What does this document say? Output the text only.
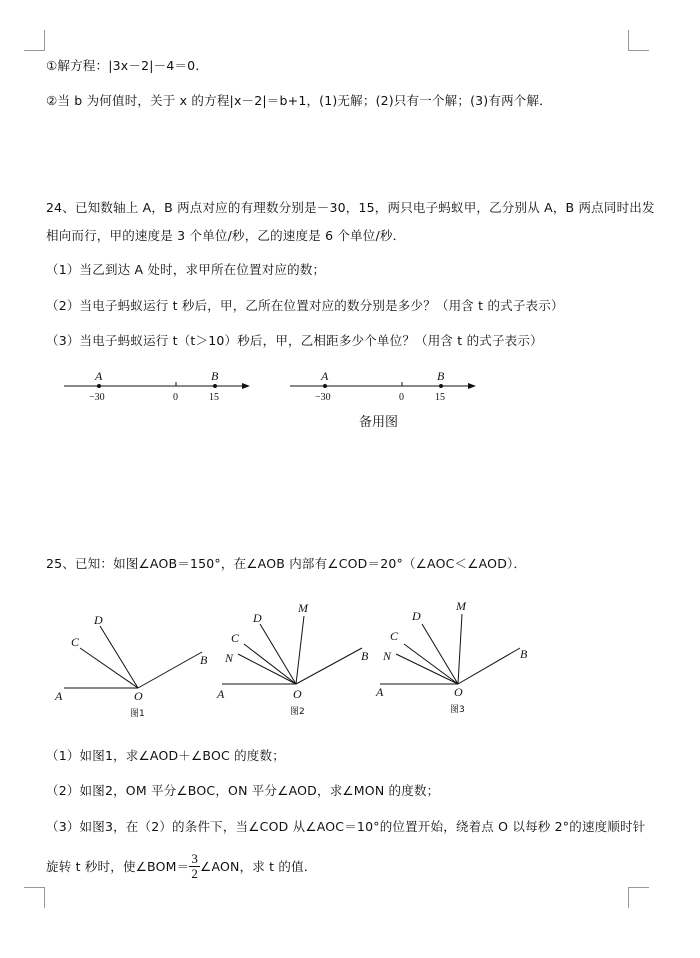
①解方程：|3x－2|－4＝0．
②当 b 为何值时，关于 x 的方程|x－2|＝b+1，(1)无解；(2)只有一个解；(3)有两个解．
24、已知数轴上 A，B 两点对应的有理数分别是－30，15，两只电子蚂蚁甲，乙分别从 A，B 两点同时出发
相向而行，甲的速度是 3 个单位/秒，乙的速度是 6 个单位/秒．
（1）当乙到达 A 处时，求甲所在位置对应的数；
（2）当电子蚂蚁运行 t 秒后，甲，乙所在位置对应的数分别是多少？（用含 t 的式子表示）
（3）当电子蚂蚁运行 t（t＞10）秒后，甲，乙相距多少个单位？（用含 t 的式子表示）
A	B
−30	0	15
A	B
−30	0	15
备用图
25、已知：如图∠AOB＝150°，在∠AOB 内部有∠COD＝20°（∠AOC＜∠AOD）．
A	O
B
D
C
图1
A	O
B
D
M
C
N
图2
A	O
B
D
M
C
N
图3
（1）如图1，求∠AOD＋∠BOC 的度数；
（2）如图2，OM 平分∠BOC，ON 平分∠AOD，求∠MON 的度数；
（3）如图3，在（2）的条件下，当∠COD 从∠AOC＝10°的位置开始，绕着点 O 以每秒 2°的速度顺时针
旋转 t 秒时，使∠BOM＝ $\frac{3}{2}$ ∠AON，求 t 的值．
